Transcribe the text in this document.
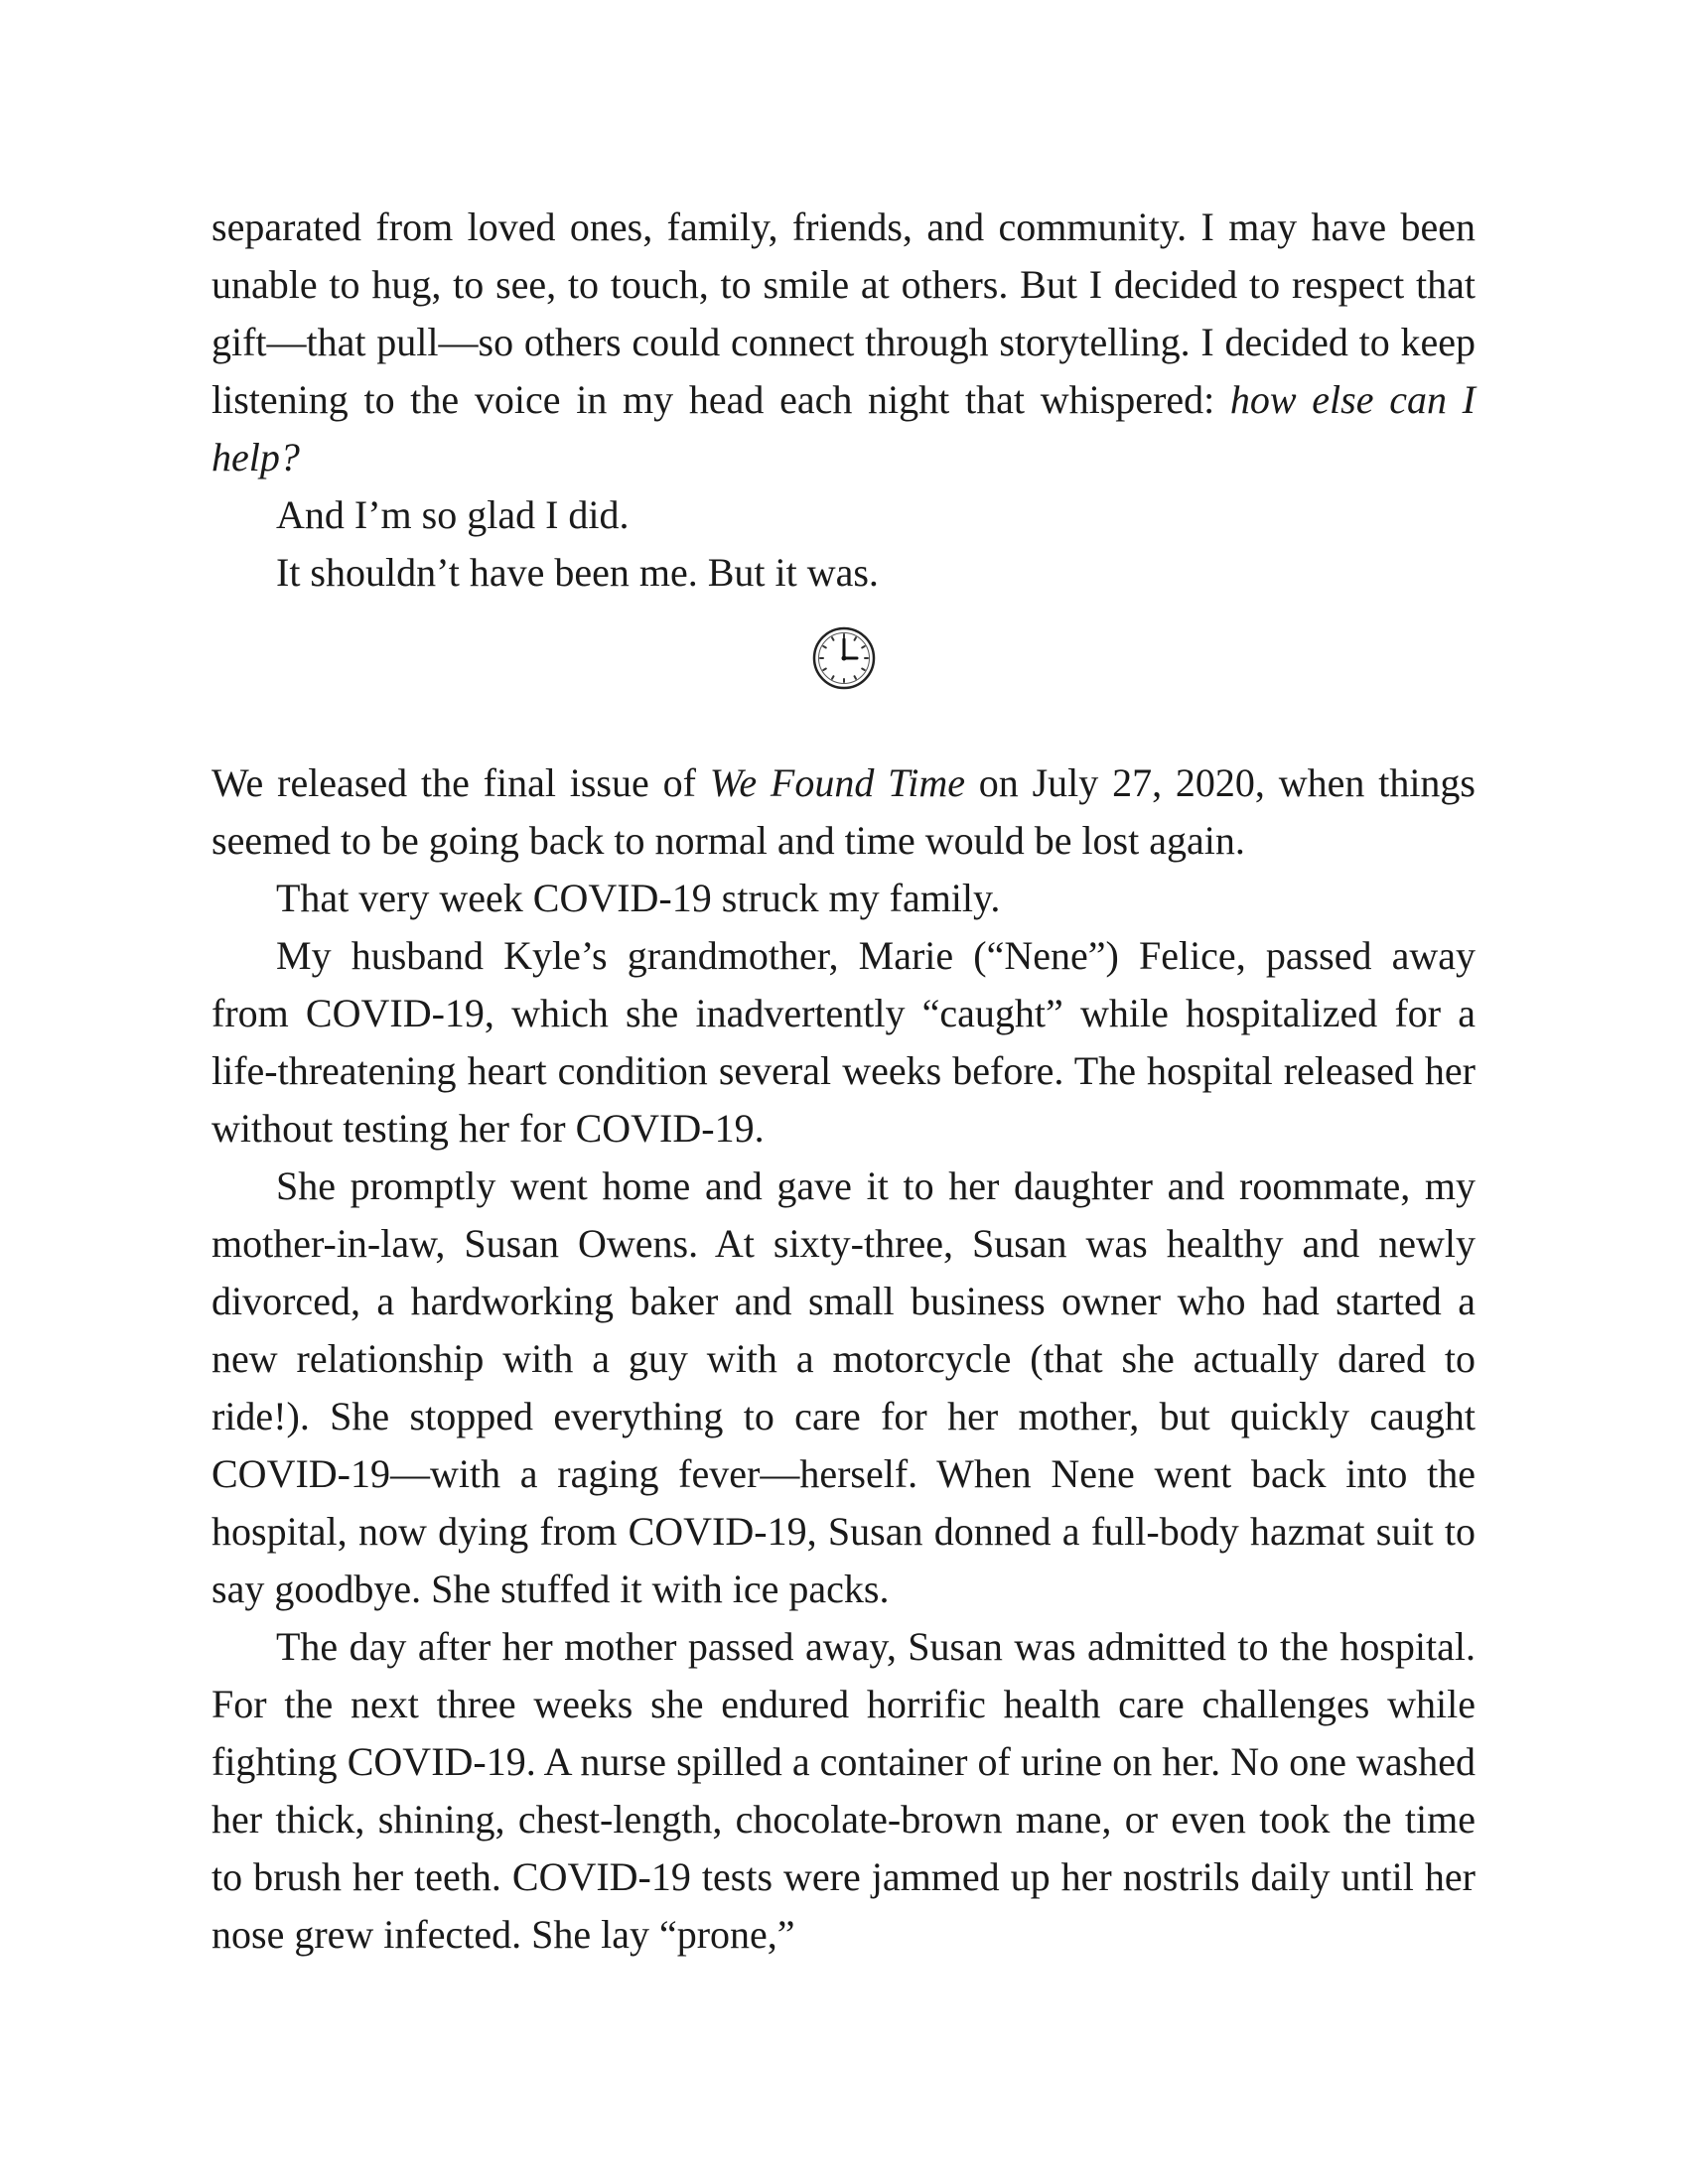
separated from loved ones, family, friends, and community. I may have been unable to hug, to see, to touch, to smile at others. But I decided to respect that gift—that pull—so others could connect through storytelling. I decided to keep listening to the voice in my head each night that whispered: how else can I help?

And I’m so glad I did.

It shouldn’t have been me. But it was.

We released the final issue of We Found Time on July 27, 2020, when things seemed to be going back to normal and time would be lost again.

That very week COVID-19 struck my family.

My husband Kyle’s grandmother, Marie (“Nene”) Felice, passed away from COVID-19, which she inadvertently “caught” while hospitalized for a life-threatening heart condition several weeks before. The hospital released her without testing her for COVID-19.

She promptly went home and gave it to her daughter and roommate, my mother-in-law, Susan Owens. At sixty-three, Susan was healthy and newly divorced, a hardworking baker and small business owner who had started a new relationship with a guy with a motorcycle (that she actually dared to ride!). She stopped everything to care for her mother, but quickly caught COVID-19—with a raging fever—herself. When Nene went back into the hospital, now dying from COVID-19, Susan donned a full-body hazmat suit to say goodbye. She stuffed it with ice packs.

The day after her mother passed away, Susan was admitted to the hospital. For the next three weeks she endured horrific health care challenges while fighting COVID-19. A nurse spilled a container of urine on her. No one washed her thick, shining, chest-length, chocolate-brown mane, or even took the time to brush her teeth. COVID-19 tests were jammed up her nostrils daily until her nose grew infected. She lay “prone,”
